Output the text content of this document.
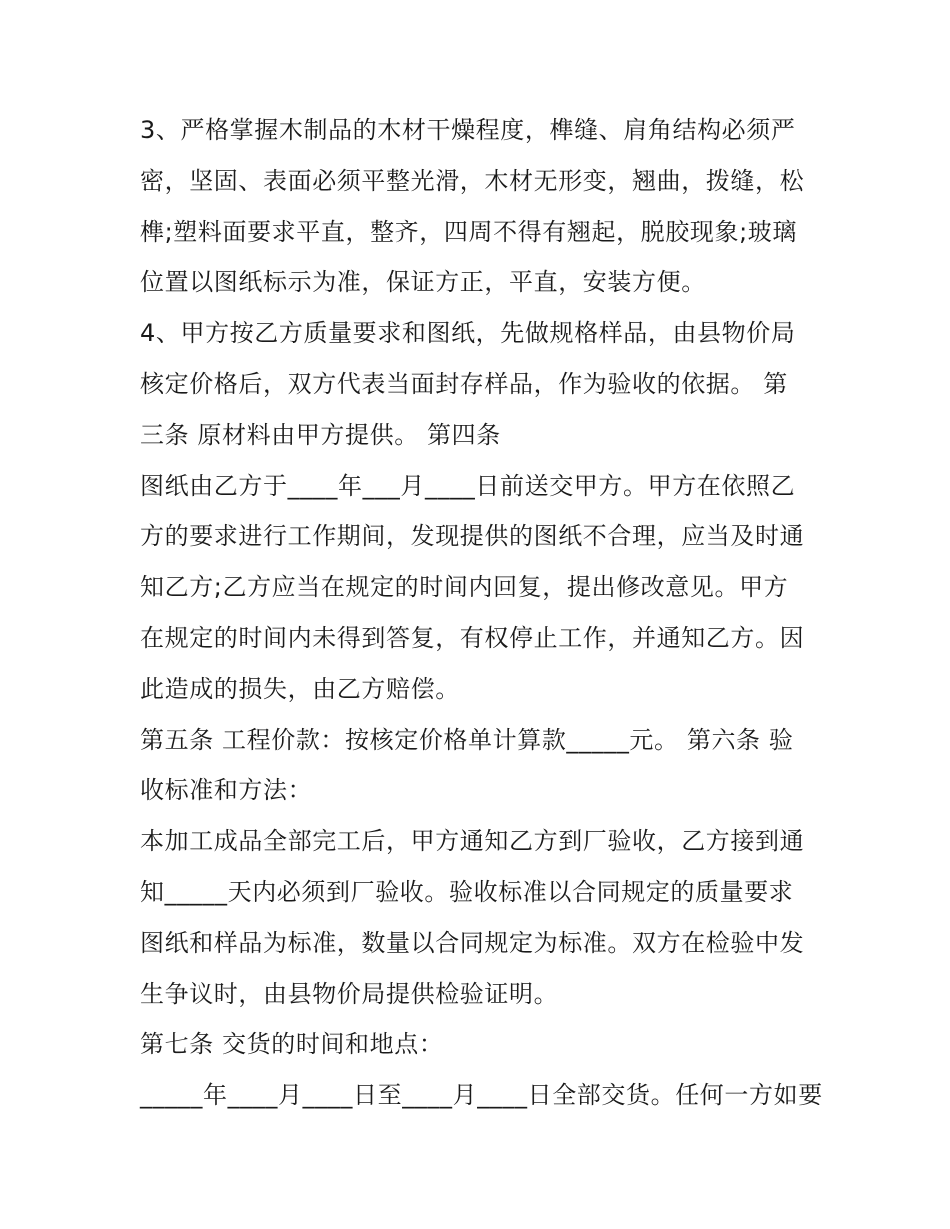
3、严格掌握木制品的木材干燥程度，榫缝、肩角结构必须严
密，坚固、表面必须平整光滑，木材无形变，翘曲，拨缝，松
榫;塑料面要求平直，整齐，四周不得有翘起，脱胶现象;玻璃
位置以图纸标示为准，保证方正，平直，安装方便。
4、甲方按乙方质量要求和图纸，先做规格样品，由县物价局
核定价格后，双方代表当面封存样品，作为验收的依据。 第
三条 原材料由甲方提供。 第四条
图纸由乙方于____年___月____日前送交甲方。甲方在依照乙
方的要求进行工作期间，发现提供的图纸不合理，应当及时通
知乙方;乙方应当在规定的时间内回复，提出修改意见。甲方
在规定的时间内未得到答复，有权停止工作，并通知乙方。因
此造成的损失，由乙方赔偿。
第五条 工程价款：按核定价格单计算款_____元。 第六条 验
收标准和方法：
本加工成品全部完工后，甲方通知乙方到厂验收，乙方接到通
知_____天内必须到厂验收。验收标准以合同规定的质量要求
图纸和样品为标准，数量以合同规定为标准。双方在检验中发
生争议时，由县物价局提供检验证明。
第七条 交货的时间和地点：
_____年____月____日至____月____日全部交货。任何一方如要
